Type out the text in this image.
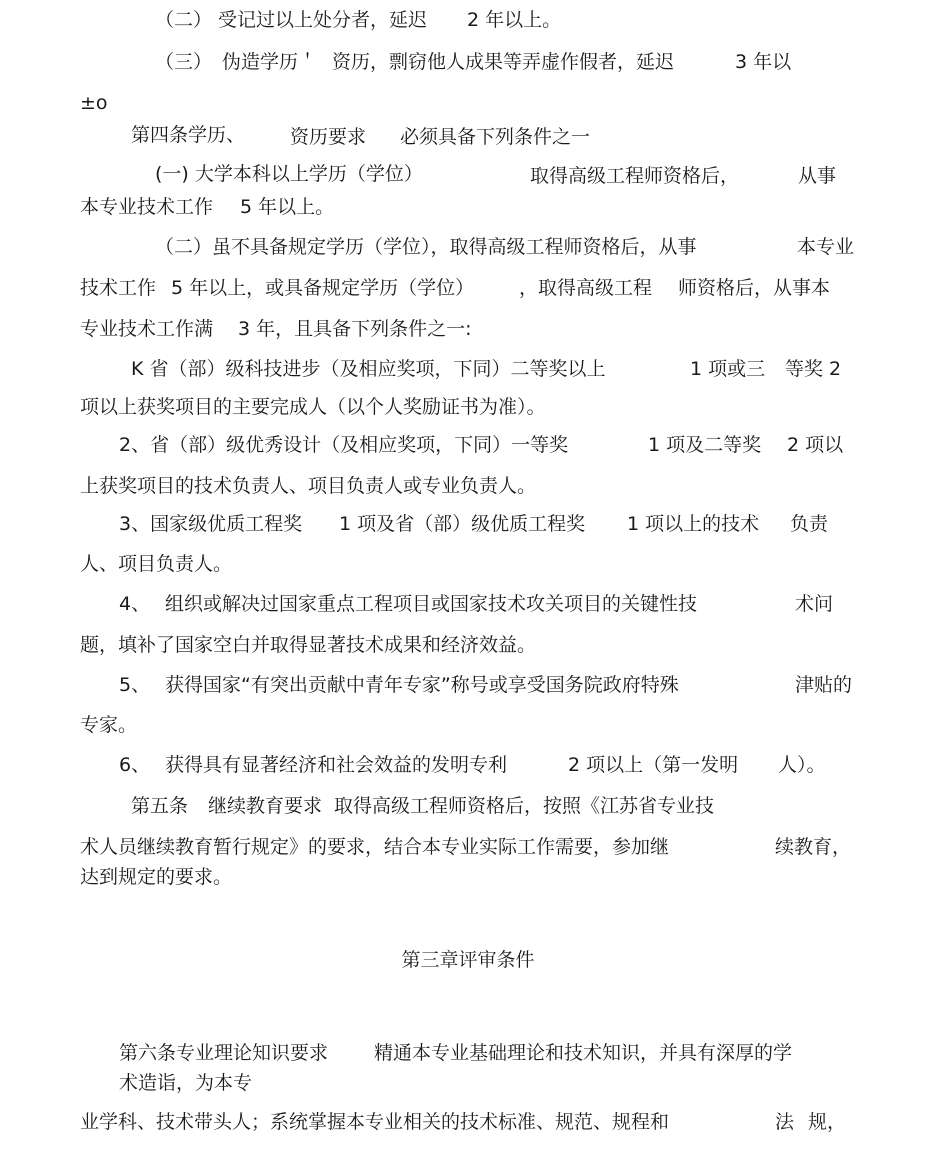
（二） 受记过以上处分者，延迟 2 年以上。
（三） 伪造学历＇ 资历，剽窃他人成果等弄虚作假者，延迟	3 年以
±o
第四条学历、 资历要求 必须具备下列条件之一
(一) 大学本科以上学历（学位）	取得高级工程师资格后，	从事
本专业技术工作 5 年以上。
（二）虽不具备规定学历（学位），取得高级工程师资格后，从事	本专业
技术工作 5 年以上，或具备规定学历（学位） ，取得高级工程 师资格后，从事本
专业技术工作满 3 年，且具备下列条件之一:
K 省（部）级科技进步（及相应奖项，下同）二等奖以上	1 项或三 等奖 2
项以上获奖项目的主要完成人（以个人奖励证书为准）。
2、省（部）级优秀设计（及相应奖项，下同）一等奖	1 项及二等奖 2 项以
上获奖项目的技术负责人、项目负责人或专业负责人。
3、国家级优质工程奖 1 项及省（部）级优质工程奖 1 项以上的技术 负责
人、项目负责人。
4、 组织或解决过国家重点工程项目或国家技术攻关项目的关键性技	术问
题，填补了国家空白并取得显著技术成果和经济效益。
5、 获得国家“有突出贡献中青年专家”称号或享受国务院政府特殊	津贴的
专家。
6、 获得具有显著经济和社会效益的发明专利	2 项以上（第一发明 人）。
第五条 继续教育要求 取得高级工程师资格后，按照《江苏省专业技
术人员继续教育暂行规定》的要求，结合本专业实际工作需要，参加继	续教育，
达到规定的要求。
第三章评审条件
第六条专业理论知识要求 精通本专业基础理论和技术知识，并具有深厚的学
术造诣，为本专
业学科、技术带头人；系统掌握本专业相关的技术标准、规范、规程和	法 规，
